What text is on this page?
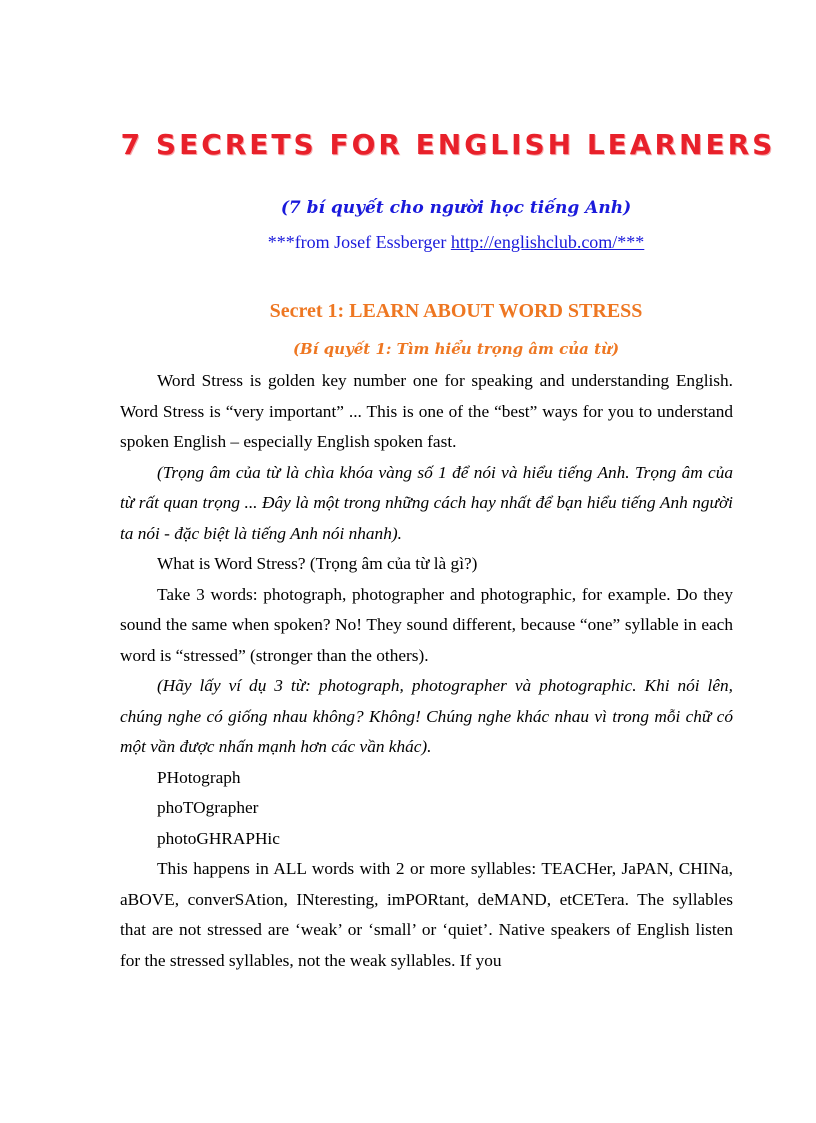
7 SECRETS FOR ENGLISH LEARNERS
(7 bí quyết cho người học tiếng Anh)
***from Josef Essberger http://englishclub.com/***
Secret 1: LEARN ABOUT WORD STRESS
(Bí quyết 1: Tìm hiểu trọng âm của từ)

Word Stress is golden key number one for speaking and understanding English. Word Stress is “very important” ... This is one of the “best” ways for you to understand spoken English – especially English spoken fast.

(Trọng âm của từ là chìa khóa vàng số 1 để nói và hiểu tiếng Anh. Trọng âm của từ rất quan trọng ... Đây là một trong những cách hay nhất để bạn hiểu tiếng Anh người ta nói - đặc biệt là tiếng Anh nói nhanh).

What is Word Stress? (Trọng âm của từ là gì?)

Take 3 words: photograph, photographer and photographic, for example. Do they sound the same when spoken? No! They sound different, because “one” syllable in each word is “stressed” (stronger than the others).

(Hãy lấy ví dụ 3 từ: photograph, photographer và photographic. Khi nói lên, chúng nghe có giống nhau không? Không! Chúng nghe khác nhau vì trong mỗi chữ có một vần được nhấn mạnh hơn các vần khác).

PHotograph

phoTOgrapher

photoGHRAPHic

This happens in ALL words with 2 or more syllables: TEACHer, JaPAN, CHINa, aBOVE, converSAtion, INteresting, imPORtant, deMAND, etCETera. The syllables that are not stressed are ‘weak’ or ‘small’ or ‘quiet’. Native speakers of English listen for the stressed syllables, not the weak syllables. If you
